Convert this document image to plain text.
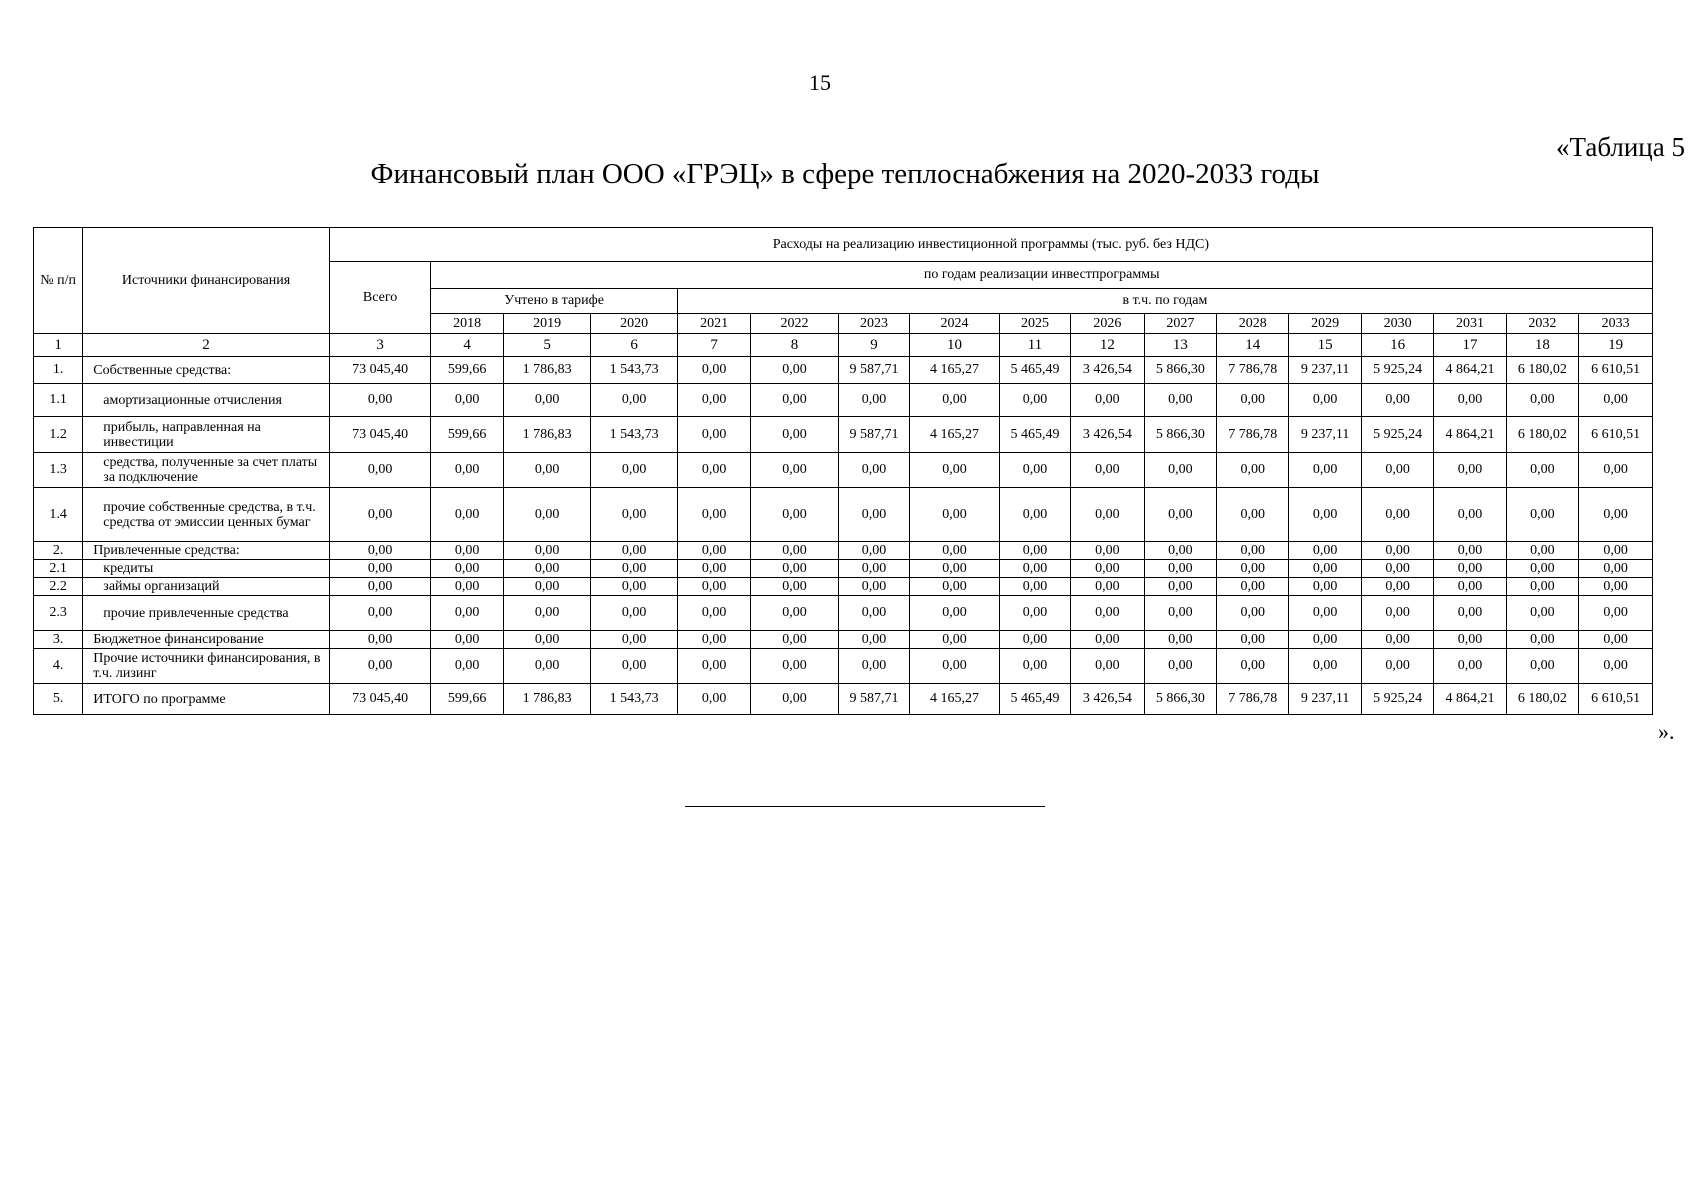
15
«Таблица 5
Финансовый план ООО «ГРЭЦ» в сфере теплоснабжения на 2020-2033 годы
№ п/п	Источники финансирования	Расходы на реализацию инвестиционной программы (тыс. руб. без НДС)																
		Всего	по годам реализации инвестпрограммы															
			Учтено в тарифе			в т.ч. по годам												
			2018	2019	2020	2021	2022	2023	2024	2025	2026	2027	2028	2029	2030	2031	2032	2033
1	2	3	4	5	6	7	8	9	10	11	12	13	14	15	16	17	18	19
1.	Собственные средства:	73 045,40	599,66	1 786,83	1 543,73	0,00	0,00	9 587,71	4 165,27	5 465,49	3 426,54	5 866,30	7 786,78	9 237,11	5 925,24	4 864,21	6 180,02	6 610,51
1.1	амортизационные отчисления	0,00	0,00	0,00	0,00	0,00	0,00	0,00	0,00	0,00	0,00	0,00	0,00	0,00	0,00	0,00	0,00	0,00
1.2	прибыль, направленная на инвестиции	73 045,40	599,66	1 786,83	1 543,73	0,00	0,00	9 587,71	4 165,27	5 465,49	3 426,54	5 866,30	7 786,78	9 237,11	5 925,24	4 864,21	6 180,02	6 610,51
1.3	средства, полученные за счет платы за подключение	0,00	0,00	0,00	0,00	0,00	0,00	0,00	0,00	0,00	0,00	0,00	0,00	0,00	0,00	0,00	0,00	0,00
1.4	прочие собственные средства, в т.ч. средства от эмиссии ценных бумаг	0,00	0,00	0,00	0,00	0,00	0,00	0,00	0,00	0,00	0,00	0,00	0,00	0,00	0,00	0,00	0,00	0,00
2.	Привлеченные средства:	0,00	0,00	0,00	0,00	0,00	0,00	0,00	0,00	0,00	0,00	0,00	0,00	0,00	0,00	0,00	0,00	0,00
2.1	кредиты	0,00	0,00	0,00	0,00	0,00	0,00	0,00	0,00	0,00	0,00	0,00	0,00	0,00	0,00	0,00	0,00	0,00
2.2	займы организаций	0,00	0,00	0,00	0,00	0,00	0,00	0,00	0,00	0,00	0,00	0,00	0,00	0,00	0,00	0,00	0,00	0,00
2.3	прочие привлеченные средства	0,00	0,00	0,00	0,00	0,00	0,00	0,00	0,00	0,00	0,00	0,00	0,00	0,00	0,00	0,00	0,00	0,00
3.	Бюджетное финансирование	0,00	0,00	0,00	0,00	0,00	0,00	0,00	0,00	0,00	0,00	0,00	0,00	0,00	0,00	0,00	0,00	0,00
4.	Прочие источники финансирования, в т.ч. лизинг	0,00	0,00	0,00	0,00	0,00	0,00	0,00	0,00	0,00	0,00	0,00	0,00	0,00	0,00	0,00	0,00	0,00
5.	ИТОГО по программе	73 045,40	599,66	1 786,83	1 543,73	0,00	0,00	9 587,71	4 165,27	5 465,49	3 426,54	5 866,30	7 786,78	9 237,11	5 925,24	4 864,21	6 180,02	6 610,51
».
